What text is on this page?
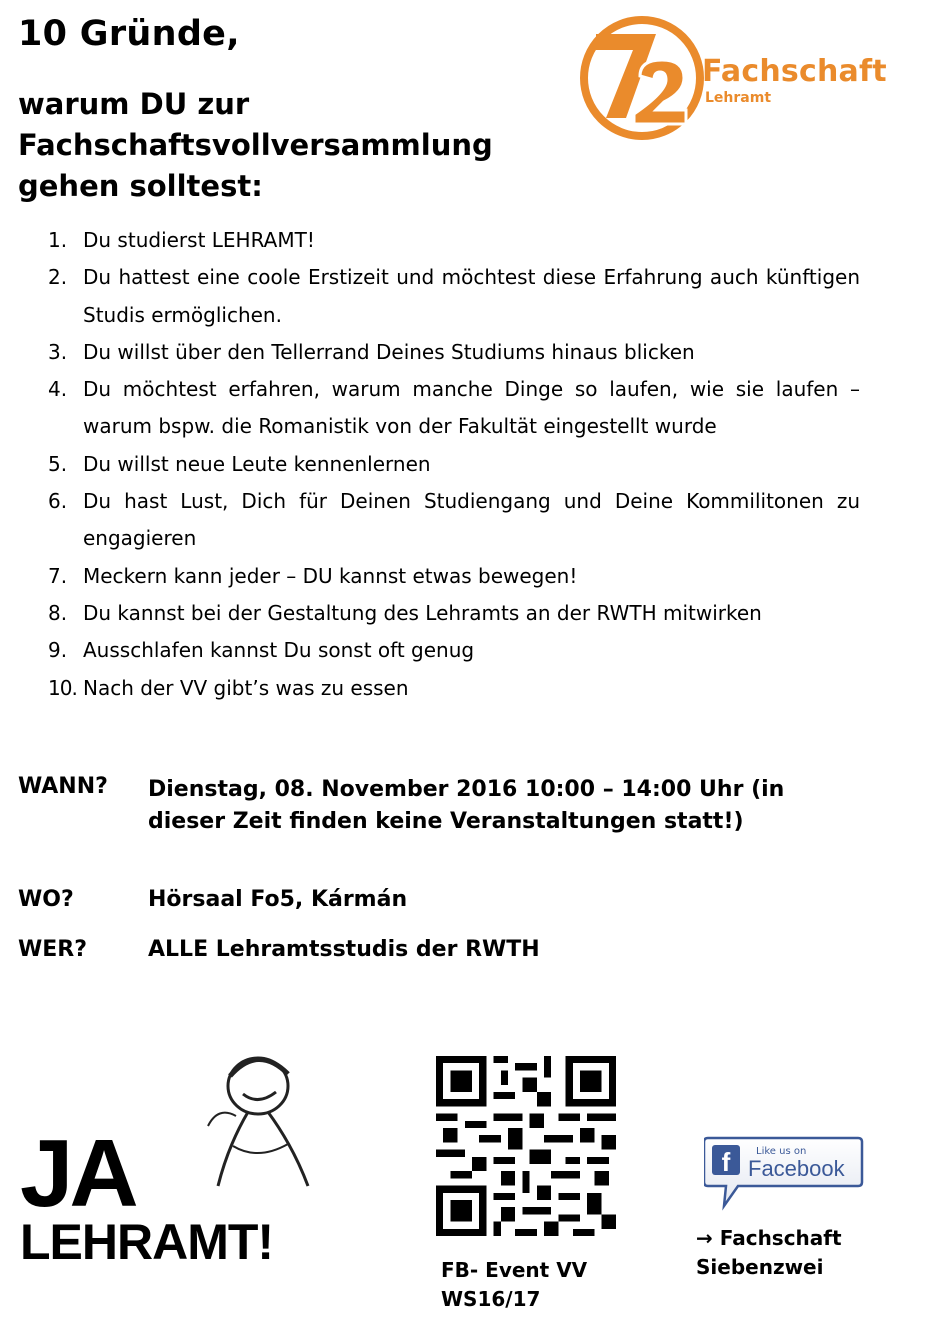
10 Gründe,
warum DU zur Fachschaftsvollversammlung gehen solltest:
Fachschaft
Lehramt
1. Du studierst LEHRAMT!
2. Du hattest eine coole Erstizeit und möchtest diese Erfahrung auch künftigen Studis ermöglichen.
3. Du willst über den Tellerrand Deines Studiums hinaus blicken
4. Du möchtest erfahren, warum manche Dinge so laufen, wie sie laufen – warum bspw. die Romanistik von der Fakultät eingestellt wurde
5. Du willst neue Leute kennenlernen
6. Du hast Lust, Dich für Deinen Studiengang und Deine Kommilitonen zu engagieren
7. Meckern kann jeder – DU kannst etwas bewegen!
8. Du kannst bei der Gestaltung des Lehramts an der RWTH mitwirken
9. Ausschlafen kannst Du sonst oft genug
10. Nach der VV gibt’s was zu essen
WANN? Dienstag, 08. November 2016 10:00 – 14:00 Uhr (in dieser Zeit finden keine Veranstaltungen statt!)
WO?	Hörsaal Fo5, Kármán
WER?	ALLE Lehramtsstudis der RWTH
JA
LEHRAMT!	FB- Event VV WS16/17
f	Like us on
Facebook
→ Fachschaft Siebenzwei
